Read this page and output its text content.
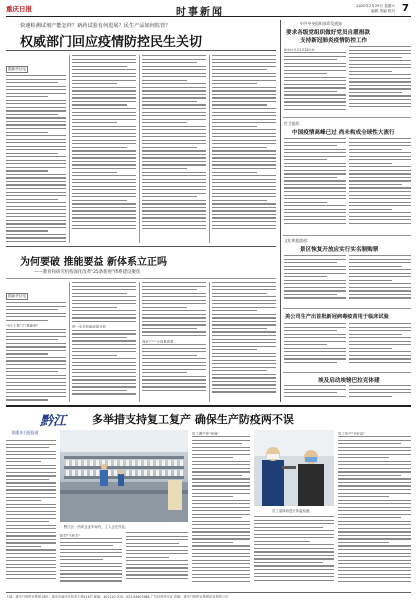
重庆日报	时事新闻
2020年2月29日 星期六
编辑 美编 校对 7
快速检测试剂产能怎样？新药试验有何进展？民生产品如何监管？
权威部门回应疫情防控民生关切
据新华社电
为何要破 推能要益 新体系立正吗
——教育和研究机构深化改革"25条新规"体系建设聚焦
据新华社电
"5个主要"立"着新领"	进一步开放和改革开放
深化"""""大体系改革
中共中央组织部印发通知
要求各级党组织做好党员自愿捐款
支持新冠肺炎疫情防控工作
新华社北京2月28日电
世卫组织：
中国疫情高峰已过 尚未构成全球性大流行
文化和旅游部：
景区恢复开放应实行实名制购票
美公司生产出首批新冠病毒疫苗用于临床试验
埃及启动埃镑巴拉克体建
黔江 多举措支持复工复产 确保生产防疫两不误
据重庆日报报道
黔江区一纺织企业车间内，工人正在作业。
防控"不松手"
复工增产快"加速"
员工返岗前进行体温检测。
复工复产"开好局"
主编：重庆日报报业集团 地址：重庆市渝北区同茂大道416号 邮编：401120 电话：023-63907666 广告经营许可证 印刷：重庆日报报业集团印务有限公司
